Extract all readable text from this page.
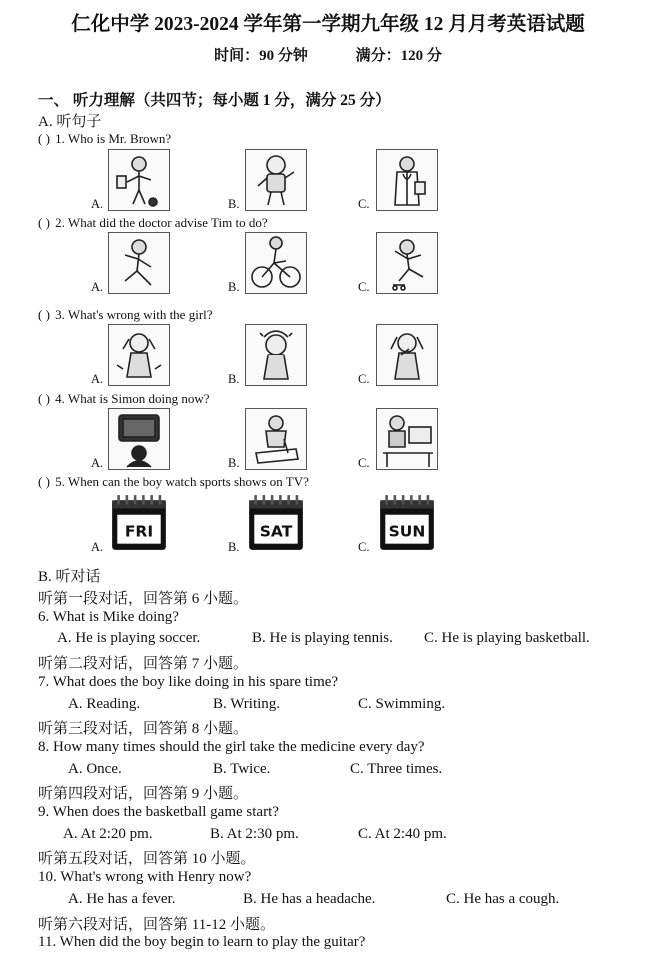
仁化中学 2023-2024 学年第一学期九年级 12 月月考英语试题
时间：90 分钟	满分：120 分
一、 听力理解（共四节；每小题 1 分，满分 25 分）
A. 听句子
( ) 1. Who is Mr. Brown?
A.	B.	C.
( ) 2. What did the doctor advise Tim to do?
A.	B.	C.
( ) 3. What's wrong with the girl?
A.	B.	C.
( ) 4. What is Simon doing now?
A.	B.	C.
( ) 5. When can the boy watch sports shows on TV?
FRI
A.
SAT
B.
SUN
C.
B. 听对话
听第一段对话，回答第 6 小题。
6. What is Mike doing?
A. He is playing soccer.	B. He is playing tennis. C. He is playing basketball.
听第二段对话，回答第 7 小题。
7. What does the boy like doing in his spare time?
A. Reading.	B. Writing.	C. Swimming.
听第三段对话，回答第 8 小题。
8. How many times should the girl take the medicine every day?
A. Once.	B. Twice.	C. Three times.
听第四段对话，回答第 9 小题。
9. When does the basketball game start?
A. At 2:20 pm.	B. At 2:30 pm.	C. At 2:40 pm.
听第五段对话，回答第 10 小题。
10. What's wrong with Henry now?
A. He has a fever.	B. He has a headache.	C. He has a cough.
听第六段对话，回答第 11-12 小题。
11. When did the boy begin to learn to play the guitar?
